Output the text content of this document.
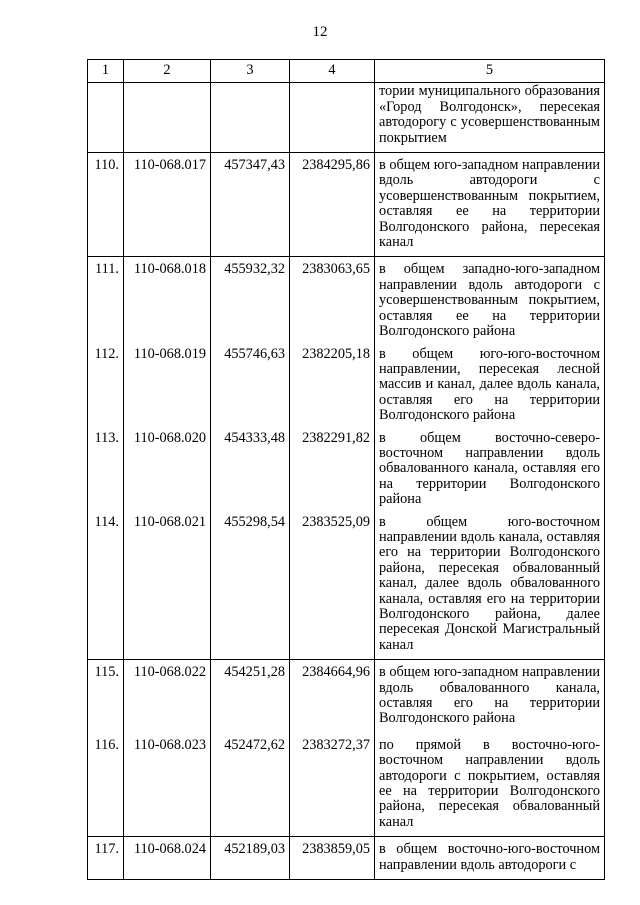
12
1	2	3	4	5
				тории муниципального образования «Город Волгодонск», пересекая автодорогу с усовершенствованным покрытием
110.	110-068.017	457347,43	2384295,86	в общем юго-западном направлении вдоль автодороги с усовершенствованным покрытием, оставляя ее на территории Волгодонского района, пересекая канал
111.	110-068.018	455932,32	2383063,65	в общем западно-юго-западном направлении вдоль автодороги с усовершенствованным покрытием, оставляя ее на территории Волгодонского района
112.	110-068.019	455746,63	2382205,18	в общем юго-юго-восточном направлении, пересекая лесной массив и канал, далее вдоль канала, оставляя его на территории Волгодонского района
113.	110-068.020	454333,48	2382291,82	в общем восточно-северо-восточном направлении вдоль обвалованного канала, оставляя его на территории Волгодонского района
114.	110-068.021	455298,54	2383525,09	в общем юго-восточном направлении вдоль канала, оставляя его на территории Волгодонского района, пересекая обвалованный канал, далее вдоль обвалованного канала, оставляя его на территории Волгодонского района, далее пересекая Донской Магистральный канал
115.	110-068.022	454251,28	2384664,96	в общем юго-западном направлении вдоль обвалованного канала, оставляя его на территории Волгодонского района
116.	110-068.023	452472,62	2383272,37	по прямой в восточно-юго-восточном направлении вдоль автодороги с покрытием, оставляя ее на территории Волгодонского района, пересекая обвалованный канал
117.	110-068.024	452189,03	2383859,05	в общем восточно-юго-восточном направлении вдоль автодороги с
